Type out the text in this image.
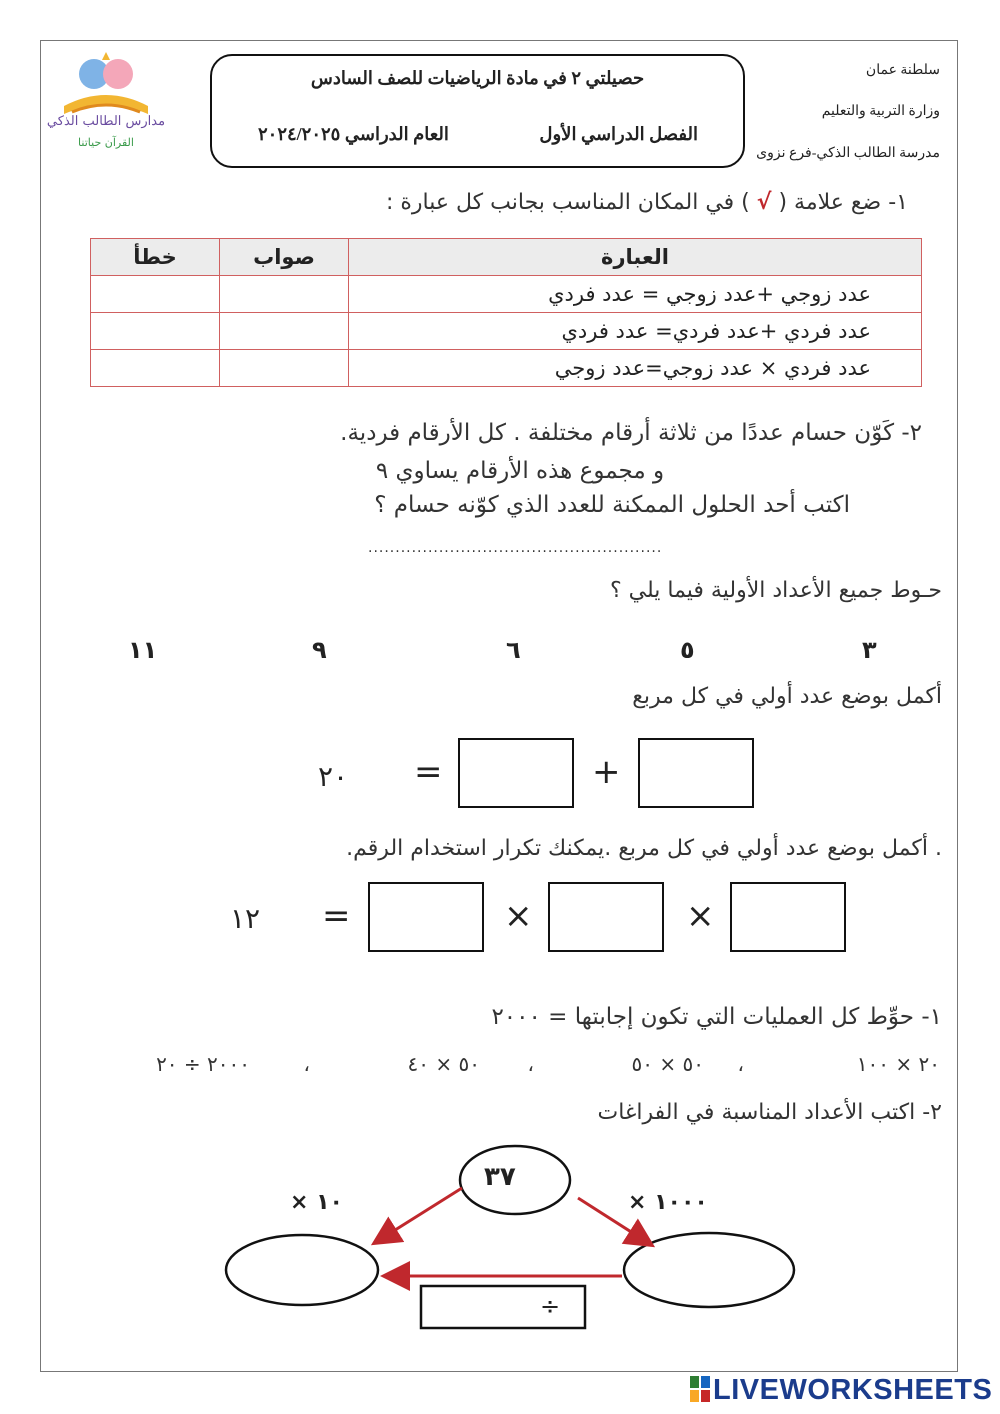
مدارس الطالب الذكي
القرآن حياتنا
سلطنة عمان
وزارة التربية والتعليم
مدرسة الطالب الذكي-فرع نزوى
حصيلتي ٢ في مادة الرياضيات للصف السادس
الفصل الدراسي الأول
العام الدراسي ٢٠٢٤/٢٠٢٥
١- ضع علامة ( √ ) في المكان المناسب بجانب كل عبارة :
العبارة	صواب	خطأ
عدد زوجي +عدد زوجي = عدد فردي		
عدد فردي +عدد فردي= عدد فردي		
عدد فردي × عدد زوجي=عدد زوجي		
٢- كَوّن حسام عددًا من ثلاثة أرقام مختلفة . كل الأرقام فردية.
و مجموع هذه الأرقام يساوي ٩
اكتب أحد الحلول الممكنة للعدد الذي كوّنه حسام ؟
......................................................
حـوط جميع الأعداد الأولية فيما يلي ؟
٣
٥
٦
٩
١١
أكمل بوضع عدد أولي في كل مربع
+
=
٢٠
. أكمل بوضع عدد أولي في كل مربع .يمكنك تكرار استخدام الرقم.
×
×
=
١٢
١- حوِّط كل العمليات التي تكون إجابتها = ٢٠٠٠
٢٠ × ١٠٠
،
٥٠ × ٥٠
،
٥٠ × ٤٠
،
٢٠٠٠ ÷ ٢٠
٢- اكتب الأعداد المناسبة في الفراغات
٣٧
× ١٠٠٠
× ١٠
÷
LIVEWORKSHEETS
